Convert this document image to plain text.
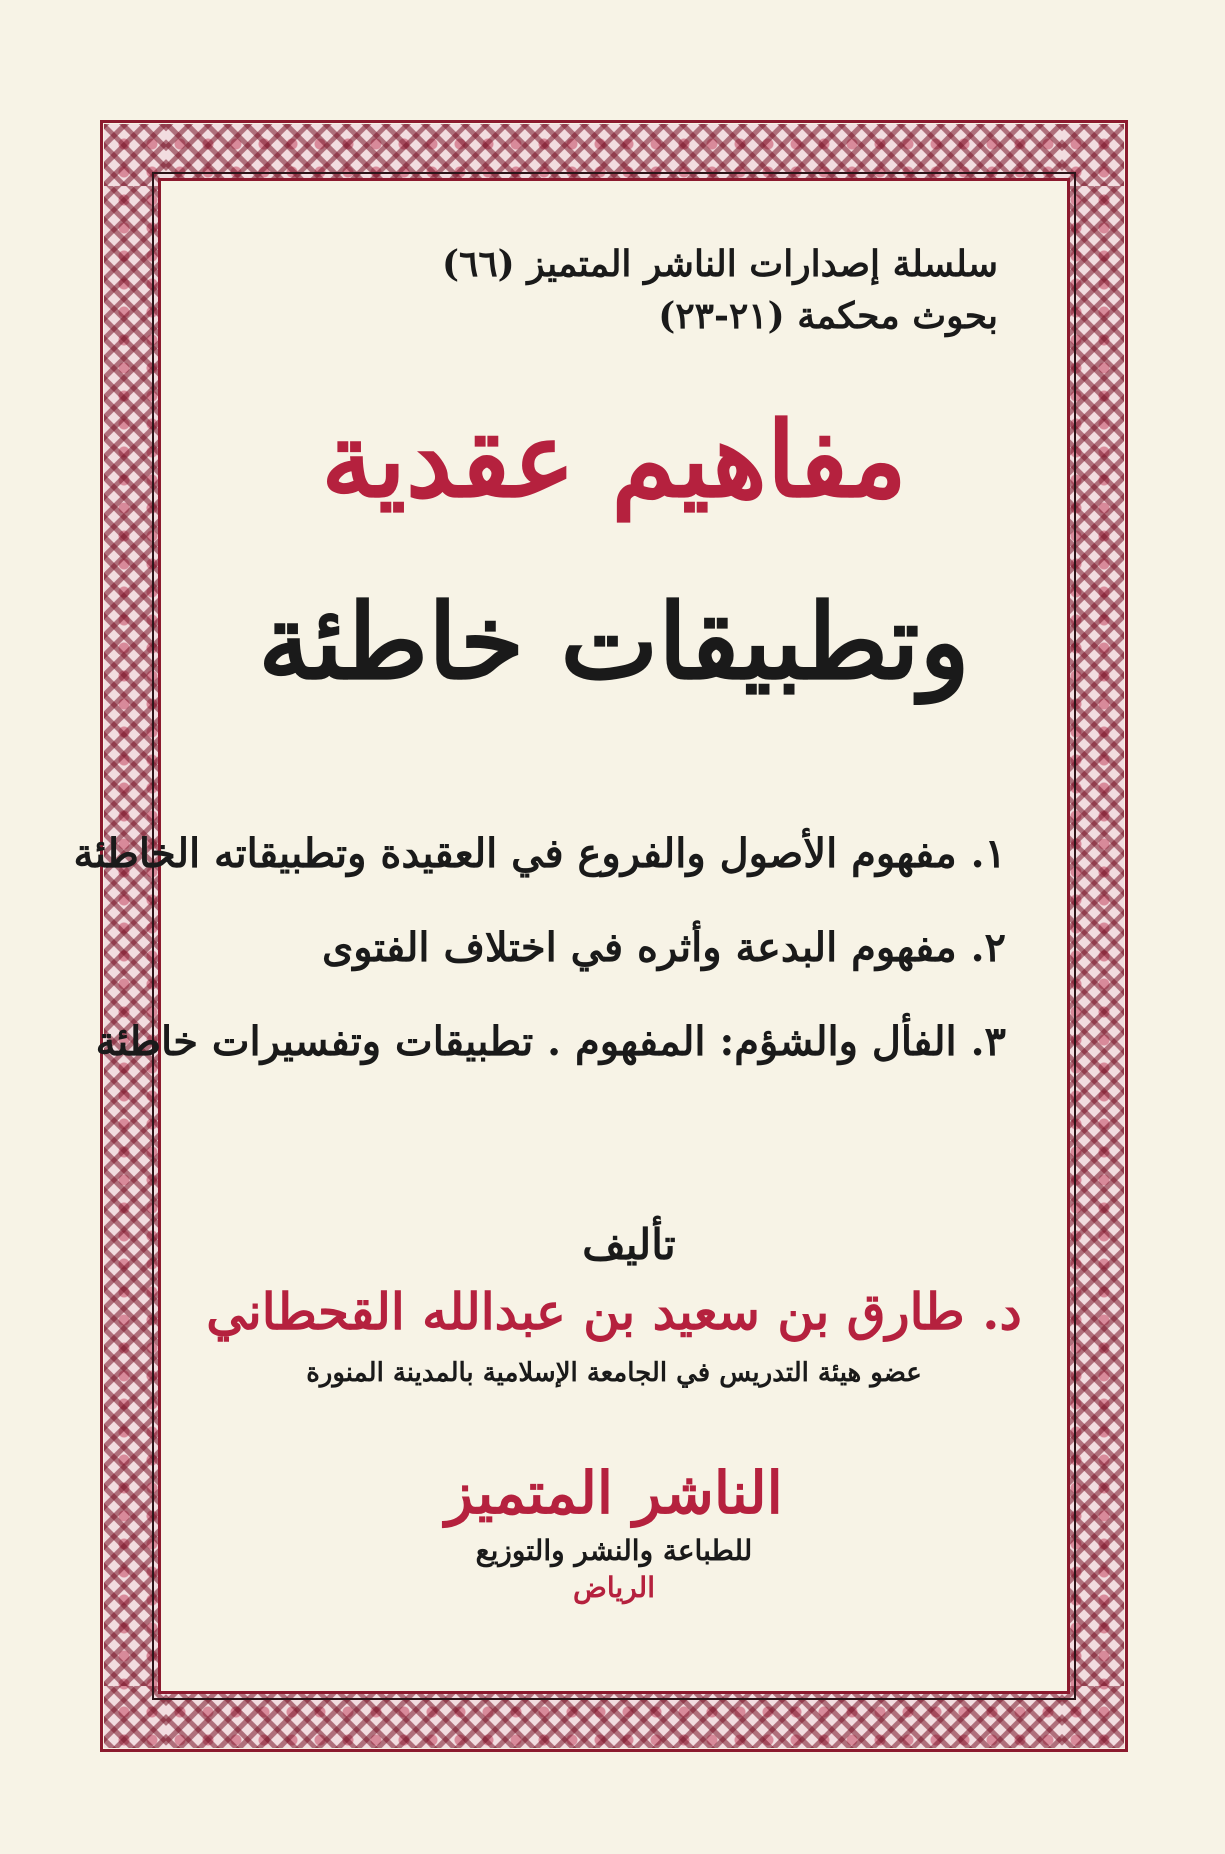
سلسلة إصدارات الناشر المتميز (٦٦)
بحوث محكمة (٢١-٢٣)
مفاهيم عقدية
وتطبيقات خاطئة
١. مفهوم الأصول والفروع في العقيدة وتطبيقاته الخاطئة
٢. مفهوم البدعة وأثره في اختلاف الفتوى
٣. الفأل والشؤم: المفهوم . تطبيقات وتفسيرات خاطئة
تأليف
د. طارق بن سعيد بن عبدالله القحطاني
عضو هيئة التدريس في الجامعة الإسلامية بالمدينة المنورة
الناشر المتميز
للطباعة والنشر والتوزيع
الرياض
